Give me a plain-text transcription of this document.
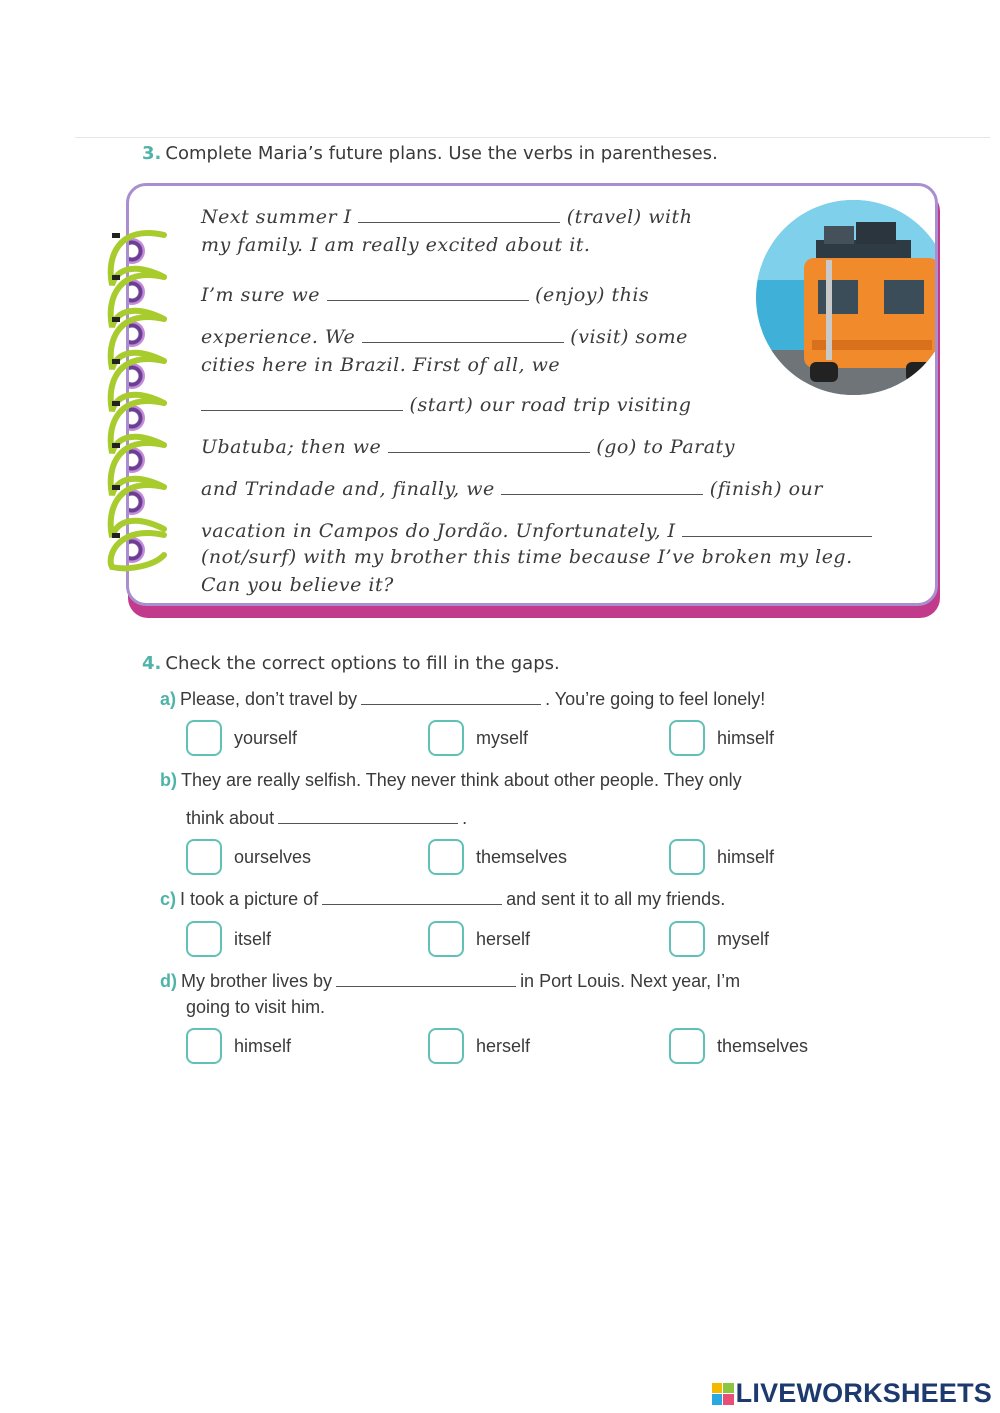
3. Complete Maria’s future plans. Use the verbs in parentheses.
Next summer I	(travel) with
my family. I am really excited about it.
I’m sure we	(enjoy) this
experience. We	(visit) some
cities here in Brazil. First of all, we
(start) our road trip visiting
Ubatuba; then we	(go) to Paraty
and Trindade and, finally, we	(finish) our
vacation in Campos do Jordão. Unfortunately, I
(not/surf) with my brother this time because I’ve broken my leg.
Can you believe it?
4. Check the correct options to fill in the gaps.
a) Please, don’t travel by	. You’re going to feel lonely!
yourself	myself	himself
b) They are really selfish. They never think about other people. They only
think about	.
ourselves	themselves	himself
c) I took a picture of	and sent it to all my friends.
itself	herself	myself
d) My brother lives by	in Port Louis. Next year, I’m
going to visit him.
himself	herself	themselves
LIVEWORKSHEETS
